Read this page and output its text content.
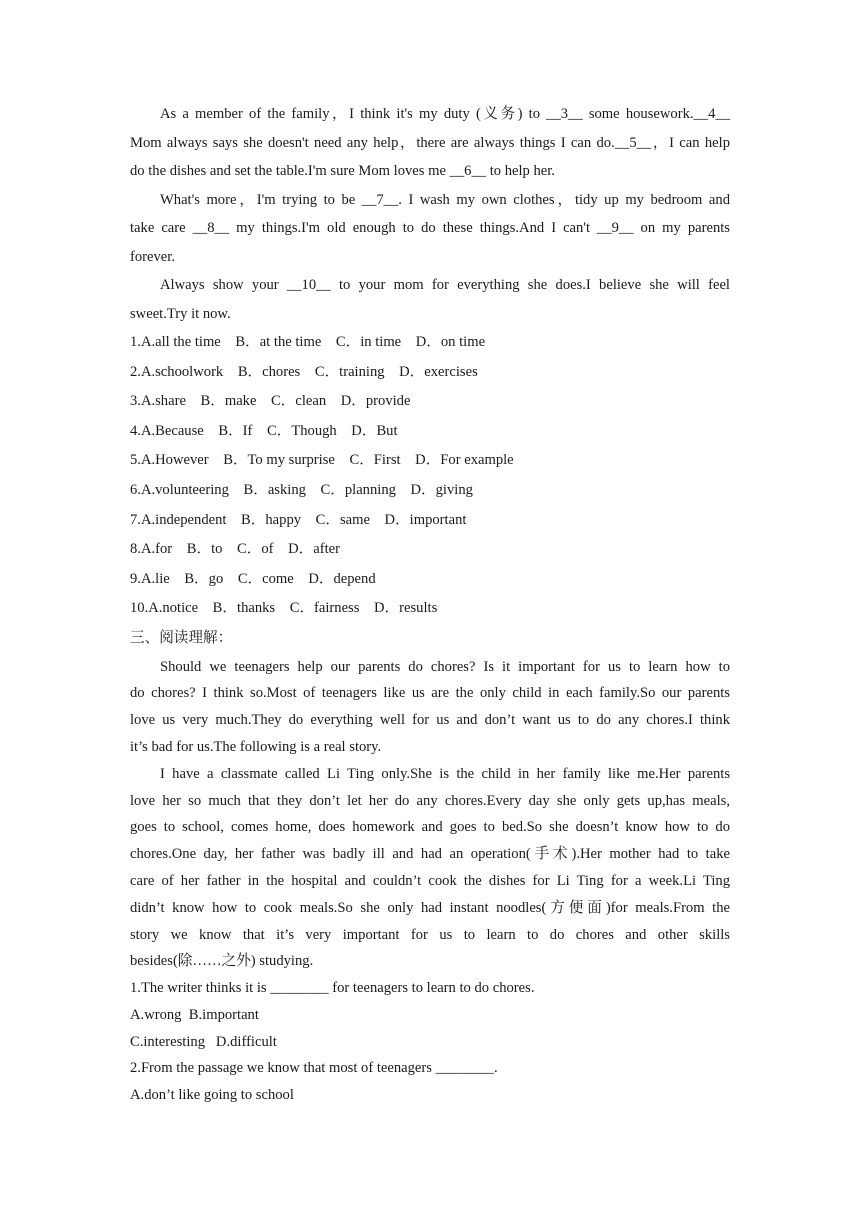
As a member of the family，I think it's my duty (义务) to __3__ some housework.__4__

Mom always says she doesn't need any help，there are always things I can do.__5__，I can help
do the dishes and set the table.I'm sure Mom loves me __6__ to help her.

What's more，I'm trying to be __7__. I wash my own clothes，tidy up my bedroom and

take care __8__ my things.I'm old enough to do these things.And I can't __9__ on my parents
forever.

Always show your __10__ to your mom for everything she does.I believe she will feel

sweet.Try it now.

1.A.all the time    B．at the time    C．in time    D．on time

2.A.schoolwork    B．chores    C．training    D．exercises

3.A.share    B．make    C．clean    D．provide

4.A.Because    B．If    C．Though    D．But

5.A.However    B．To my surprise    C．First    D．For example

6.A.volunteering    B．asking    C．planning    D．giving

7.A.independent    B．happy    C．same    D．important

8.A.for    B．to    C．of    D．after

9.A.lie    B．go    C．come    D．depend

10.A.notice    B．thanks    C．fairness    D．results

三、阅读理解：

Should we teenagers help our parents do chores? Is it important for us to learn how to

do chores? I think so.Most of teenagers like us are the only child in each family.So our parents
love us very much.They do everything well for us and don’t want us to do any chores.I think
it’s bad for us.The following is a real story.

I have a classmate called Li Ting only.She is the child in her family like me.Her parents

love her so much that they don’t let her do any chores.Every day she only gets up,has meals,
goes to school, comes home, does homework and goes to bed.So she doesn’t know how to do
chores.One day, her father was badly ill and had an operation(手术).Her mother had to take
care of her father in the hospital and couldn’t cook the dishes for Li Ting for a week.Li Ting
didn’t know how to cook meals.So she only had instant noodles(方便面)for meals.From the
story we know that it’s very important for us to learn to do chores and other skills
besides(除……之外) studying.

1.The writer thinks it is ________ for teenagers to learn to do chores.

A.wrong  B.important

C.interesting   D.difficult

2.From the passage we know that most of teenagers ________.

A.don’t like going to school
